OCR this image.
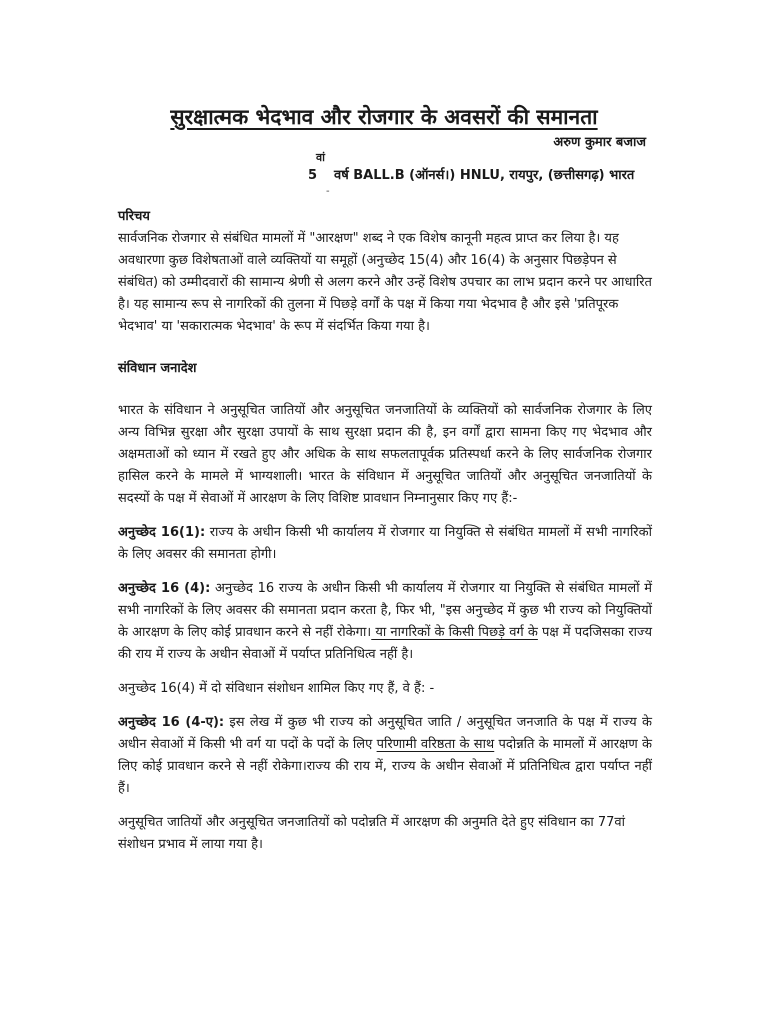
सुरक्षात्मक भेदभाव और रोजगार के अवसरों की समानता
अरुण कुमार बजाज
वां
5 वर्ष BALL.B (ऑनर्स।) HNLU, रायपुर, (छत्तीसगढ़) भारत
-
परिचय

सार्वजनिक रोजगार से संबंधित मामलों में "आरक्षण" शब्द ने एक विशेष कानूनी महत्व प्राप्त कर लिया है। यह अवधारणा कुछ विशेषताओं वाले व्यक्तियों या समूहों (अनुच्छेद 15(4) और 16(4) के अनुसार पिछड़ेपन से संबंधित) को उम्मीदवारों की सामान्य श्रेणी से अलग करने और उन्हें विशेष उपचार का लाभ प्रदान करने पर आधारित है। यह सामान्य रूप से नागरिकों की तुलना में पिछड़े वर्गों के पक्ष में किया गया भेदभाव है और इसे 'प्रतिपूरक भेदभाव' या 'सकारात्मक भेदभाव' के रूप में संदर्भित किया गया है।

संविधान जनादेश

भारत के संविधान ने अनुसूचित जातियों और अनुसूचित जनजातियों के व्यक्तियों को सार्वजनिक रोजगार के लिए अन्य विभिन्न सुरक्षा और सुरक्षा उपायों के साथ सुरक्षा प्रदान की है, इन वर्गों द्वारा सामना किए गए भेदभाव और अक्षमताओं को ध्यान में रखते हुए और अधिक के साथ सफलतापूर्वक प्रतिस्पर्धा करने के लिए सार्वजनिक रोजगार हासिल करने के मामले में भाग्यशाली। भारत के संविधान में अनुसूचित जातियों और अनुसूचित जनजातियों के सदस्यों के पक्ष में सेवाओं में आरक्षण के लिए विशिष्ट प्रावधान निम्नानुसार किए गए हैं:-

अनुच्छेद 16(1): राज्य के अधीन किसी भी कार्यालय में रोजगार या नियुक्ति से संबंधित मामलों में सभी नागरिकों के लिए अवसर की समानता होगी।

अनुच्छेद 16 (4): अनुच्छेद 16 राज्य के अधीन किसी भी कार्यालय में रोजगार या नियुक्ति से संबंधित मामलों में सभी नागरिकों के लिए अवसर की समानता प्रदान करता है, फिर भी, "इस अनुच्छेद में कुछ भी राज्य को नियुक्तियों के आरक्षण के लिए कोई प्रावधान करने से नहीं रोकेगा। या नागरिकों के किसी पिछड़े वर्ग के पक्ष में पदजिसका राज्य की राय में राज्य के अधीन सेवाओं में पर्याप्त प्रतिनिधित्व नहीं है।

अनुच्छेद 16(4) में दो संविधान संशोधन शामिल किए गए हैं, वे हैं: -

अनुच्छेद 16 (4-ए): इस लेख में कुछ भी राज्य को अनुसूचित जाति / अनुसूचित जनजाति के पक्ष में राज्य के अधीन सेवाओं में किसी भी वर्ग या पदों के पदों के लिए परिणामी वरिष्ठता के साथ पदोन्नति के मामलों में आरक्षण के लिए कोई प्रावधान करने से नहीं रोकेगा।राज्य की राय में, राज्य के अधीन सेवाओं में प्रतिनिधित्व द्वारा पर्याप्त नहीं हैं।

अनुसूचित जातियों और अनुसूचित जनजातियों को पदोन्नति में आरक्षण की अनुमति देते हुए संविधान का 77वां संशोधन प्रभाव में लाया गया है।
